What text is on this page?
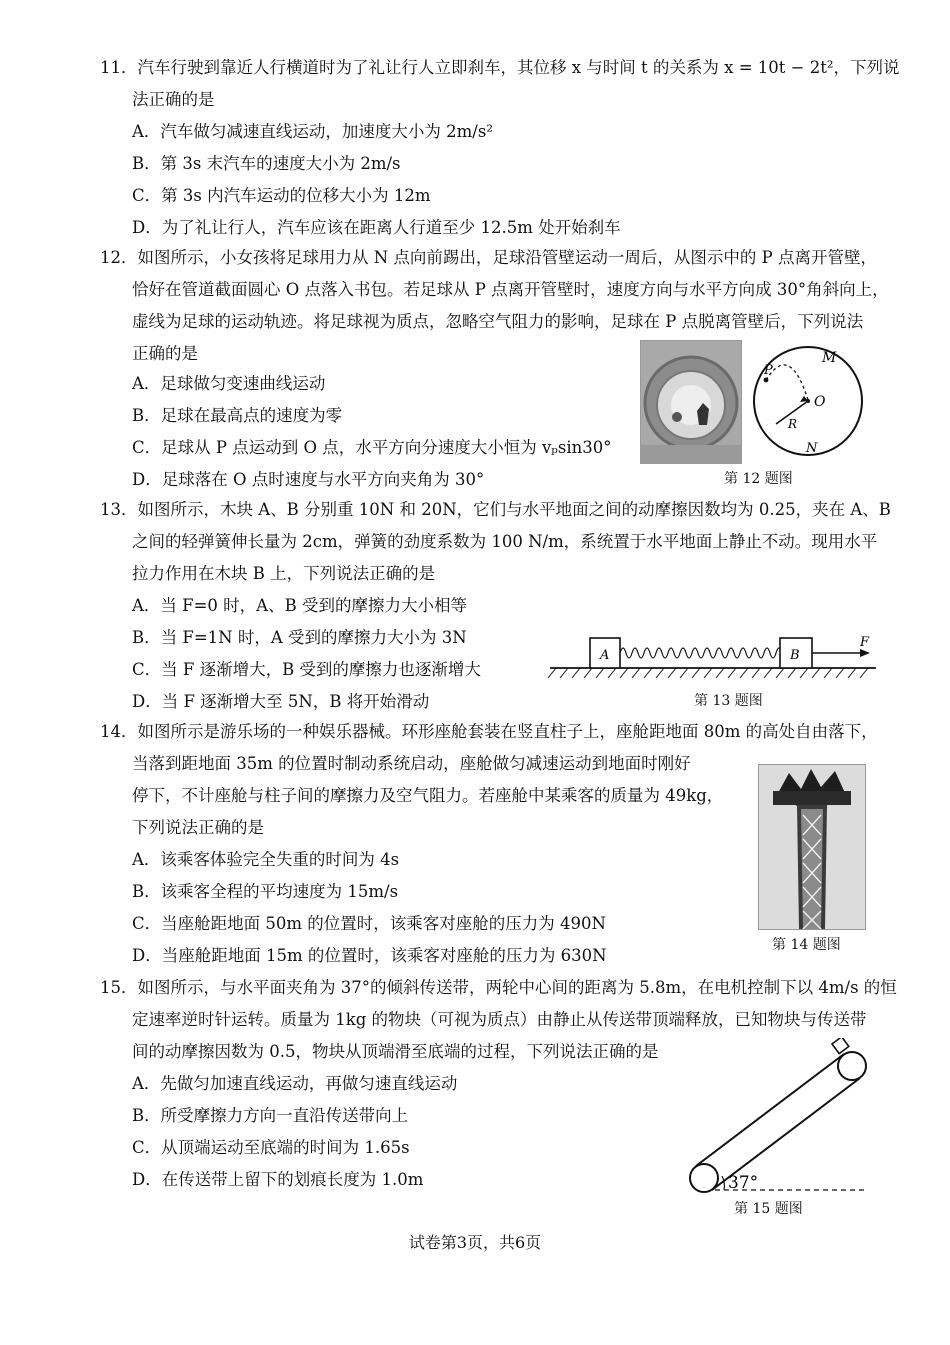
11．汽车行驶到靠近人行横道时为了礼让行人立即刹车，其位移 x 与时间 t 的关系为 x = 10t − 2t²，下列说
法正确的是
A．汽车做匀减速直线运动，加速度大小为 2m/s²
B．第 3s 末汽车的速度大小为 2m/s
C．第 3s 内汽车运动的位移大小为 12m
D．为了礼让行人，汽车应该在距离人行道至少 12.5m 处开始刹车
12．如图所示，小女孩将足球用力从 N 点向前踢出，足球沿管壁运动一周后，从图示中的 P 点离开管壁，
恰好在管道截面圆心 O 点落入书包。若足球从 P 点离开管壁时，速度方向与水平方向成 30°角斜向上，
虚线为足球的运动轨迹。将足球视为质点，忽略空气阻力的影响，足球在 P 点脱离管壁后，下列说法
正确的是
A．足球做匀变速曲线运动
B．足球在最高点的速度为零
C．足球从 P 点运动到 O 点，水平方向分速度大小恒为 vₚsin30°
D．足球落在 O 点时速度与水平方向夹角为 30°
M
P
O
R
N
第 12 题图
13．如图所示，木块 A、B 分别重 10N 和 20N，它们与水平地面之间的动摩擦因数均为 0.25，夹在 A、B
之间的轻弹簧伸长量为 2cm，弹簧的劲度系数为 100 N/m，系统置于水平地面上静止不动。现用水平
拉力作用在木块 B 上，下列说法正确的是
A．当 F=0 时，A、B 受到的摩擦力大小相等
B．当 F=1N 时，A 受到的摩擦力大小为 3N
C．当 F 逐渐增大，B 受到的摩擦力也逐渐增大
D．当 F 逐渐增大至 5N，B 将开始滑动
A	B
F
第 13 题图
14．如图所示是游乐场的一种娱乐器械。环形座舱套装在竖直柱子上，座舱距地面 80m 的高处自由落下，
当落到距地面 35m 的位置时制动系统启动，座舱做匀减速运动到地面时刚好
停下，不计座舱与柱子间的摩擦力及空气阻力。若座舱中某乘客的质量为 49kg，
下列说法正确的是
A．该乘客体验完全失重的时间为 4s
B．该乘客全程的平均速度为 15m/s
C．当座舱距地面 50m 的位置时，该乘客对座舱的压力为 490N
D．当座舱距地面 15m 的位置时，该乘客对座舱的压力为 630N
第 14 题图
15．如图所示，与水平面夹角为 37°的倾斜传送带，两轮中心间的距离为 5.8m，在电机控制下以 4m/s 的恒
定速率逆时针运转。质量为 1kg 的物块（可视为质点）由静止从传送带顶端释放，已知物块与传送带
间的动摩擦因数为 0.5，物块从顶端滑至底端的过程，下列说法正确的是
A．先做匀加速直线运动，再做匀速直线运动
B．所受摩擦力方向一直沿传送带向上
C．从顶端运动至底端的时间为 1.65s
D．在传送带上留下的划痕长度为 1.0m	37°
第 15 题图
试卷第3页，共6页
